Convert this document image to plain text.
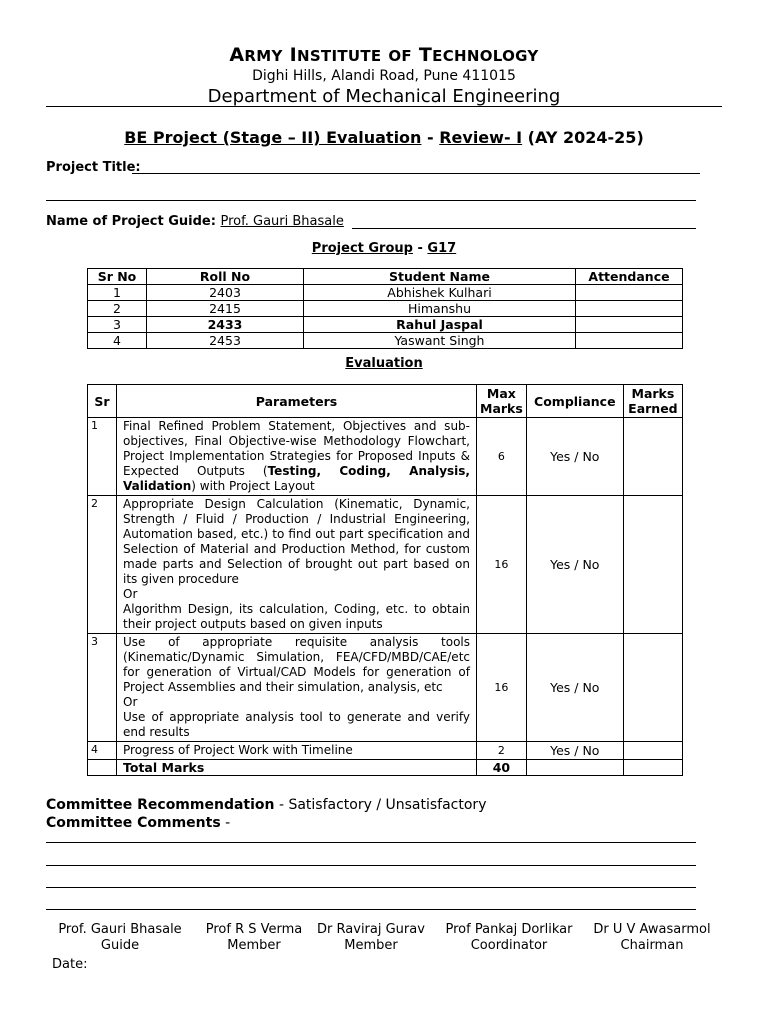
ARMY INSTITUTE OF TECHNOLOGY
Dighi Hills, Alandi Road, Pune 411015
Department of Mechanical Engineering
BE Project (Stage – II) Evaluation - Review- I (AY 2024-25)
Project Title:
Name of Project Guide: Prof. Gauri Bhasale
Project Group - G17
Sr No	Roll No	Student Name	Attendance
1	2403	Abhishek Kulhari	
2	2415	Himanshu	
3	2433	Rahul Jaspal	
4	2453	Yaswant Singh	
Evaluation
Sr	Parameters	Max Marks	Compliance	Marks Earned
1	Final Refined Problem Statement, Objectives and sub-objectives, Final Objective-wise Methodology Flowchart, Project Implementation Strategies for Proposed Inputs & Expected Outputs (Testing, Coding, Analysis, Validation) with Project Layout	6	Yes / No	
2	Appropriate Design Calculation (Kinematic, Dynamic, Strength / Fluid / Production / Industrial Engineering, Automation based, etc.) to find out part specification and Selection of Material and Production Method, for custom made parts and Selection of brought out part based on its given procedure
Or
Algorithm Design, its calculation, Coding, etc. to obtain their project outputs based on given inputs	16	Yes / No	
3	Use of appropriate requisite analysis tools (Kinematic/Dynamic Simulation, FEA/CFD/MBD/CAE/etc for generation of Virtual/CAD Models for generation of Project Assemblies and their simulation, analysis, etc
Or
Use of appropriate analysis tool to generate and verify end results	16	Yes / No	
4	Progress of Project Work with Timeline	2	Yes / No	
	Total Marks	40		
Committee Recommendation - Satisfactory / Unsatisfactory
Committee Comments -
Prof. Gauri Bhasale
Guide
Prof R S Verma
Member
Dr Raviraj Gurav
Member
Prof Pankaj Dorlikar
Coordinator
Dr U V Awasarmol
Chairman
Date:
